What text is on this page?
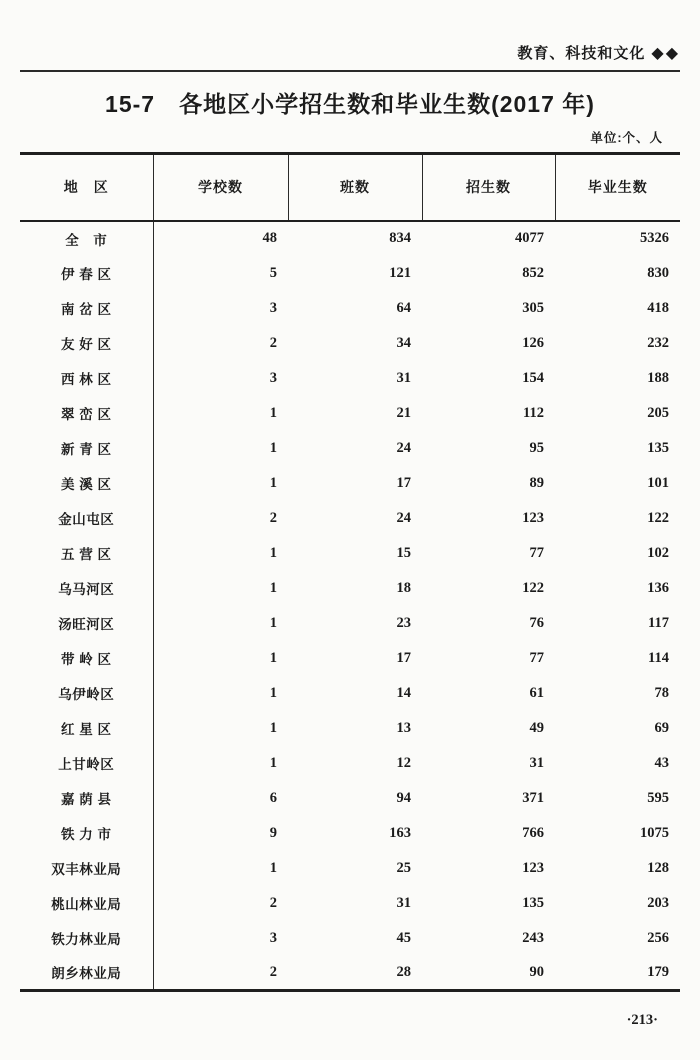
教育、科技和文化 ◆◆
15-7　各地区小学招生数和毕业生数(2017 年)
单位:个、人
地　区	学校数	班数	招生数	毕业生数
全　市	48	834	4077	5326
伊 春 区	5	121	852	830
南 岔 区	3	64	305	418
友 好 区	2	34	126	232
西 林 区	3	31	154	188
翠 峦 区	1	21	112	205
新 青 区	1	24	95	135
美 溪 区	1	17	89	101
金山屯区	2	24	123	122
五 营 区	1	15	77	102
乌马河区	1	18	122	136
汤旺河区	1	23	76	117
带 岭 区	1	17	77	114
乌伊岭区	1	14	61	78
红 星 区	1	13	49	69
上甘岭区	1	12	31	43
嘉 荫 县	6	94	371	595
铁 力 市	9	163	766	1075
双丰林业局	1	25	123	128
桃山林业局	2	31	135	203
铁力林业局	3	45	243	256
朗乡林业局	2	28	90	179
·213·
